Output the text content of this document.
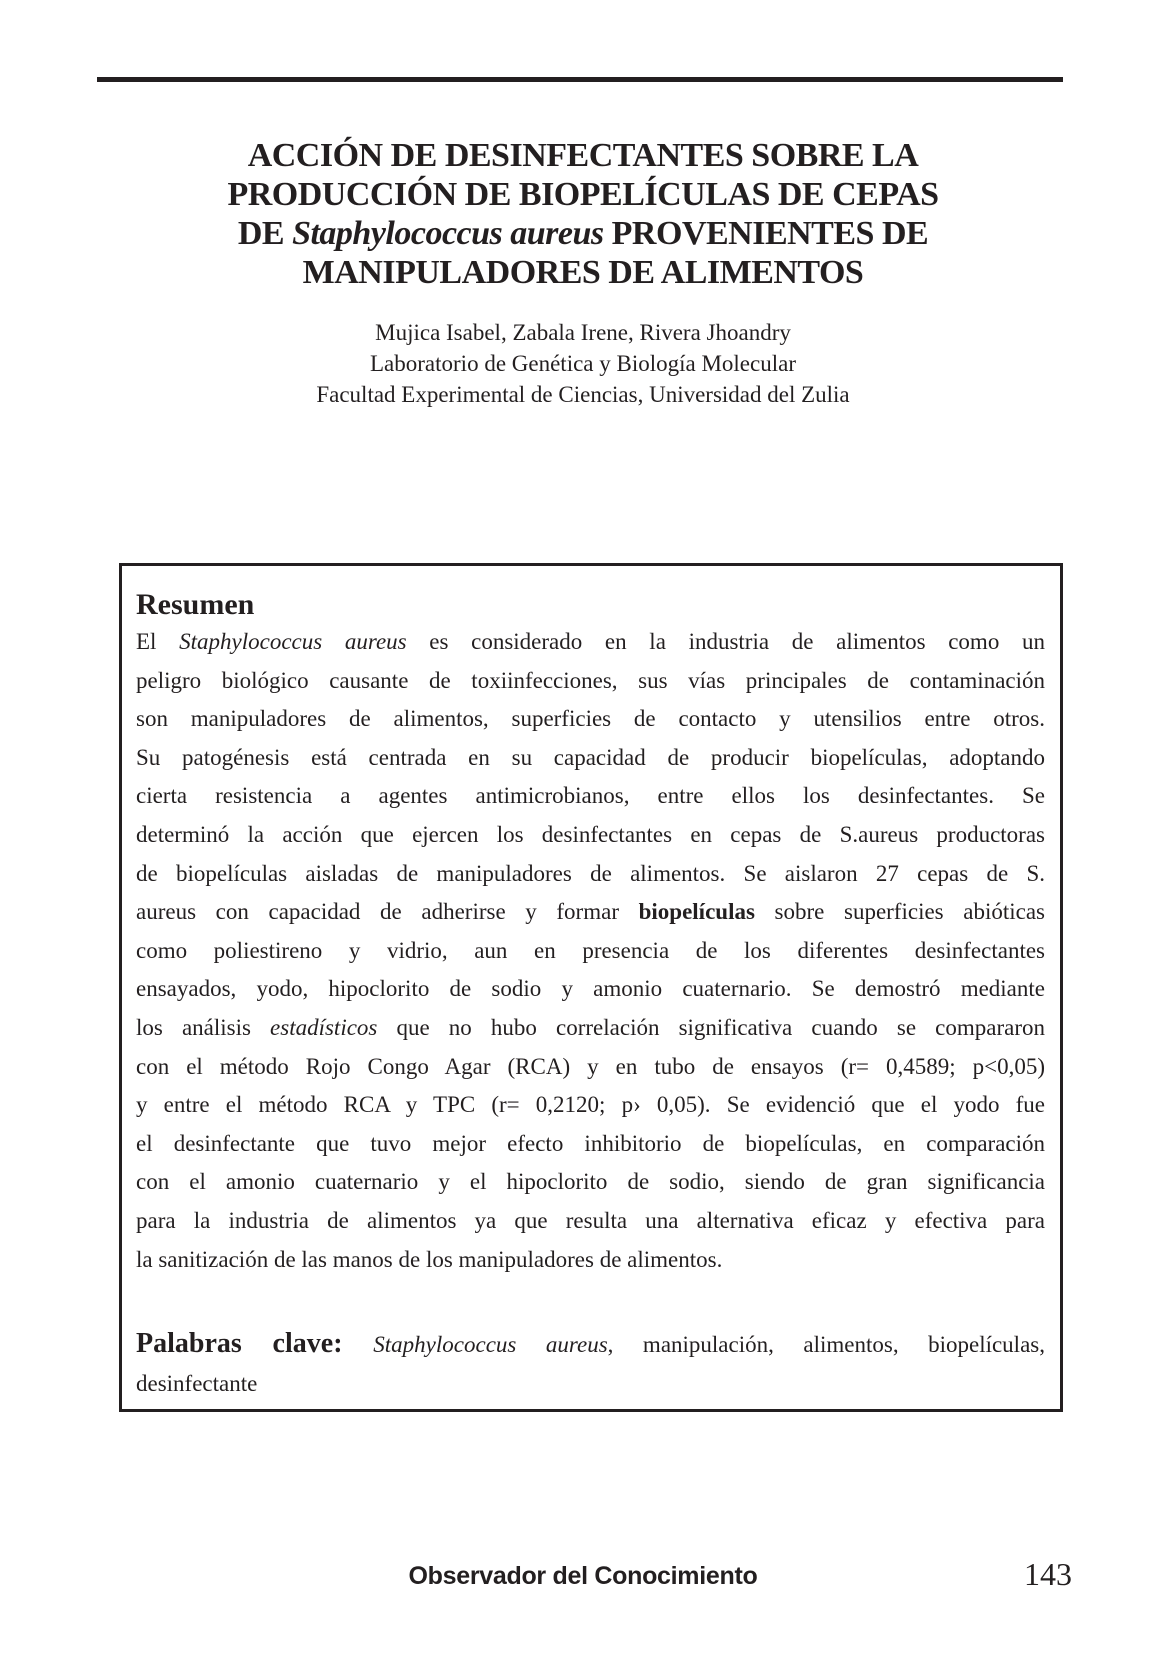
ACCIÓN DE DESINFECTANTES SOBRE LA
PRODUCCIÓN DE BIOPELÍCULAS DE CEPAS
DE Staphylococcus aureus PROVENIENTES DE
MANIPULADORES DE ALIMENTOS
Mujica Isabel, Zabala Irene, Rivera Jhoandry
Laboratorio de Genética y Biología Molecular
Facultad Experimental de Ciencias, Universidad del Zulia
Resumen
El Staphylococcus aureus es considerado en la industria de alimentos como un
peligro biológico causante de toxiinfecciones, sus vías principales de contaminación
son manipuladores de alimentos, superficies de contacto y utensilios entre otros.
Su patogénesis está centrada en su capacidad de producir biopelículas, adoptando
cierta resistencia a agentes antimicrobianos, entre ellos los desinfectantes. Se
determinó la acción que ejercen los desinfectantes en cepas de S.aureus productoras
de biopelículas aisladas de manipuladores de alimentos. Se aislaron 27 cepas de S.
aureus con capacidad de adherirse y formar biopelículas sobre superficies abióticas
como poliestireno y vidrio, aun en presencia de los diferentes desinfectantes
ensayados, yodo, hipoclorito de sodio y amonio cuaternario. Se demostró mediante
los análisis estadísticos que no hubo correlación significativa cuando se compararon
con el método Rojo Congo Agar (RCA) y en tubo de ensayos (r= 0,4589; p<0,05)
y entre el método RCA y TPC (r= 0,2120; p› 0,05). Se evidenció que el yodo fue
el desinfectante que tuvo mejor efecto inhibitorio de biopelículas, en comparación
con el amonio cuaternario y el hipoclorito de sodio, siendo de gran significancia
para la industria de alimentos ya que resulta una alternativa eficaz y efectiva para
la sanitización de las manos de los manipuladores de alimentos.
Palabras clave: Staphylococcus aureus, manipulación, alimentos, biopelículas,
desinfectante
Observador del Conocimiento	143
